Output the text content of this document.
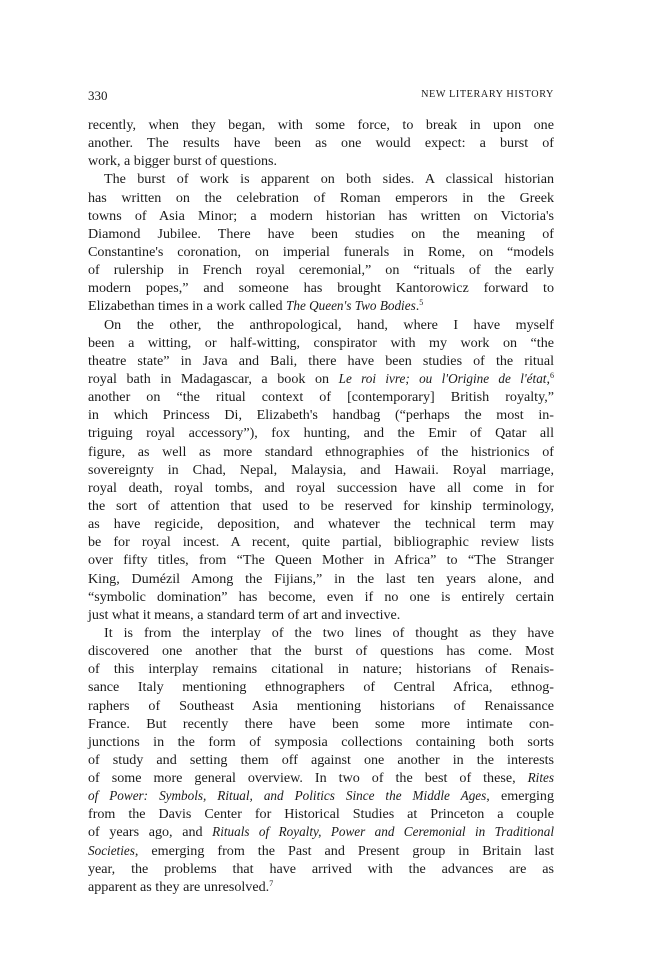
330	NEW LITERARY HISTORY
recently, when they began, with some force, to break in upon one
another. The results have been as one would expect: a burst of
work, a bigger burst of questions.
The burst of work is apparent on both sides. A classical historian
has written on the celebration of Roman emperors in the Greek
towns of Asia Minor; a modern historian has written on Victoria's
Diamond Jubilee. There have been studies on the meaning of
Constantine's coronation, on imperial funerals in Rome, on “models
of rulership in French royal ceremonial,” on “rituals of the early
modern popes,” and someone has brought Kantorowicz forward to
Elizabethan times in a work called The Queen's Two Bodies.$^5$
On the other, the anthropological, hand, where I have myself
been a witting, or half-witting, conspirator with my work on “the
theatre state” in Java and Bali, there have been studies of the ritual
royal bath in Madagascar, a book on Le roi ivre; ou l'Origine de l'état,$^6$
another on “the ritual context of [contemporary] British royalty,”
in which Princess Di, Elizabeth's handbag (“perhaps the most in-
triguing royal accessory”), fox hunting, and the Emir of Qatar all
figure, as well as more standard ethnographies of the histrionics of
sovereignty in Chad, Nepal, Malaysia, and Hawaii. Royal marriage,
royal death, royal tombs, and royal succession have all come in for
the sort of attention that used to be reserved for kinship terminology,
as have regicide, deposition, and whatever the technical term may
be for royal incest. A recent, quite partial, bibliographic review lists
over fifty titles, from “The Queen Mother in Africa” to “The Stranger
King, Dumézil Among the Fijians,” in the last ten years alone, and
“symbolic domination” has become, even if no one is entirely certain
just what it means, a standard term of art and invective.
It is from the interplay of the two lines of thought as they have
discovered one another that the burst of questions has come. Most
of this interplay remains citational in nature; historians of Renais-
sance Italy mentioning ethnographers of Central Africa, ethnog-
raphers of Southeast Asia mentioning historians of Renaissance
France. But recently there have been some more intimate con-
junctions in the form of symposia collections containing both sorts
of study and setting them off against one another in the interests
of some more general overview. In two of the best of these, Rites
of Power: Symbols, Ritual, and Politics Since the Middle Ages, emerging
from the Davis Center for Historical Studies at Princeton a couple
of years ago, and Rituals of Royalty, Power and Ceremonial in Traditional
Societies, emerging from the Past and Present group in Britain last
year, the problems that have arrived with the advances are as
apparent as they are unresolved.$^7$
